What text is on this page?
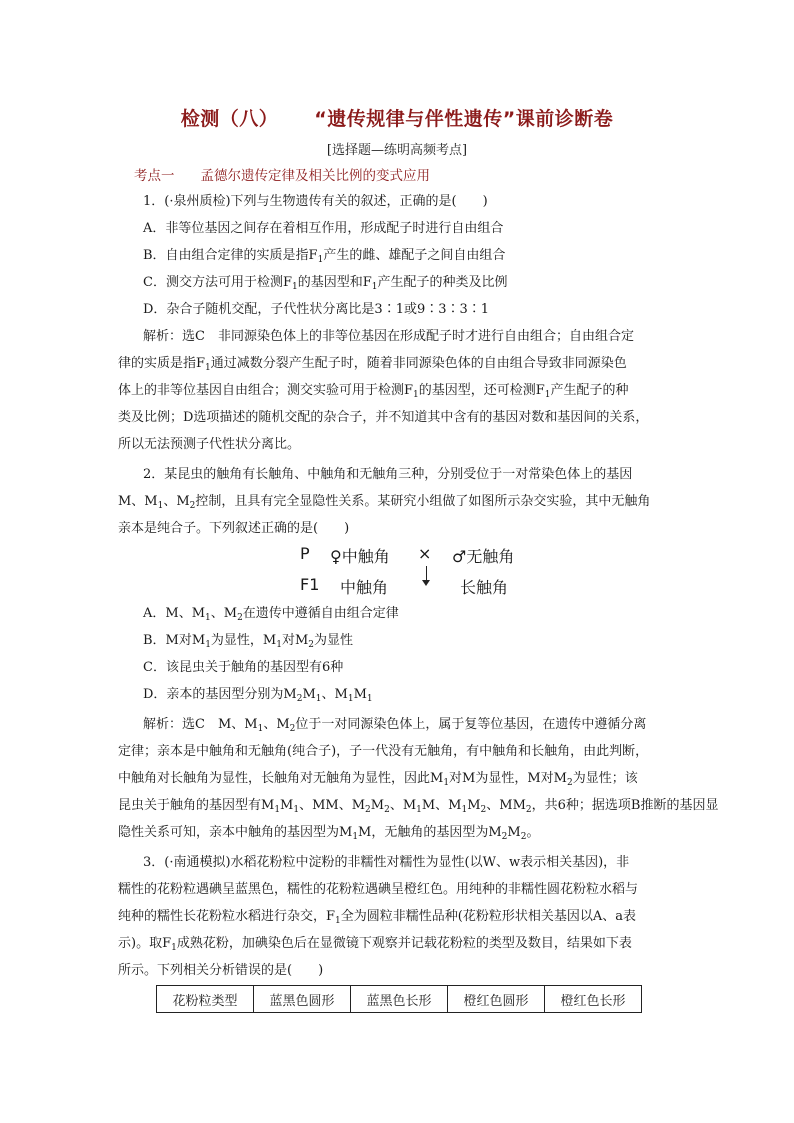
检测（八） “遗传规律与伴性遗传”课前诊断卷
[选择题—练明高频考点]
考点一 孟德尔遗传定律及相关比例的变式应用
1．(·泉州质检)下列与生物遗传有关的叙述，正确的是(　　)
A．非等位基因之间存在着相互作用，形成配子时进行自由组合
B．自由组合定律的实质是指$F_1$产生的雌、雄配子之间自由组合
C．测交方法可用于检测$F_1$的基因型和$F_1$产生配子的种类及比例
D．杂合子随机交配，子代性状分离比是3∶1或9∶3∶3∶1
解析：选C　非同源染色体上的非等位基因在形成配子时才进行自由组合；自由组合定
律的实质是指$F_1$通过减数分裂产生配子时，随着非同源染色体的自由组合导致非同源染色
体上的非等位基因自由组合；测交实验可用于检测$F_1$的基因型，还可检测$F_1$产生配子的种
类及比例；D选项描述的随机交配的杂合子，并不知道其中含有的基因对数和基因间的关系，
所以无法预测子代性状分离比。
2．某昆虫的触角有长触角、中触角和无触角三种，分别受位于一对常染色体上的基因
M、$M_1$、$M_2$控制，且具有完全显隐性关系。某研究小组做了如图所示杂交实验，其中无触角
亲本是纯合子。下列叙述正确的是(　　)
P ♀中触角 × ♂无触角
F1 中触角	长触角
A．M、$M_1$、$M_2$在遗传中遵循自由组合定律
B．M对$M_1$为显性，$M_1$对$M_2$为显性
C．该昆虫关于触角的基因型有6种
D．亲本的基因型分别为$M_2M_1$、$M_1M_1$
解析：选C　M、$M_1$、$M_2$位于一对同源染色体上，属于复等位基因，在遗传中遵循分离
定律；亲本是中触角和无触角(纯合子)，子一代没有无触角，有中触角和长触角，由此判断，
中触角对长触角为显性，长触角对无触角为显性，因此$M_1$对M为显性，M对$M_2$为显性；该
昆虫关于触角的基因型有$M_1M_1$、MM、$M_2M_2$、$M_1M$、$M_1M_2$、$MM_2$，共6种；据选项B推断的基因显
隐性关系可知，亲本中触角的基因型为$M_1M$，无触角的基因型为$M_2M_2$。
3．(·南通模拟)水稻花粉粒中淀粉的非糯性对糯性为显性(以W、w表示相关基因)，非
糯性的花粉粒遇碘呈蓝黑色，糯性的花粉粒遇碘呈橙红色。用纯种的非糯性圆花粉粒水稻与
纯种的糯性长花粉粒水稻进行杂交，$F_1$全为圆粒非糯性品种(花粉粒形状相关基因以A、a表
示)。取$F_1$成熟花粉，加碘染色后在显微镜下观察并记载花粉粒的类型及数目，结果如下表
所示。下列相关分析错误的是(　　)
花粉粒类型	蓝黑色圆形	蓝黑色长形	橙红色圆形	橙红色长形
